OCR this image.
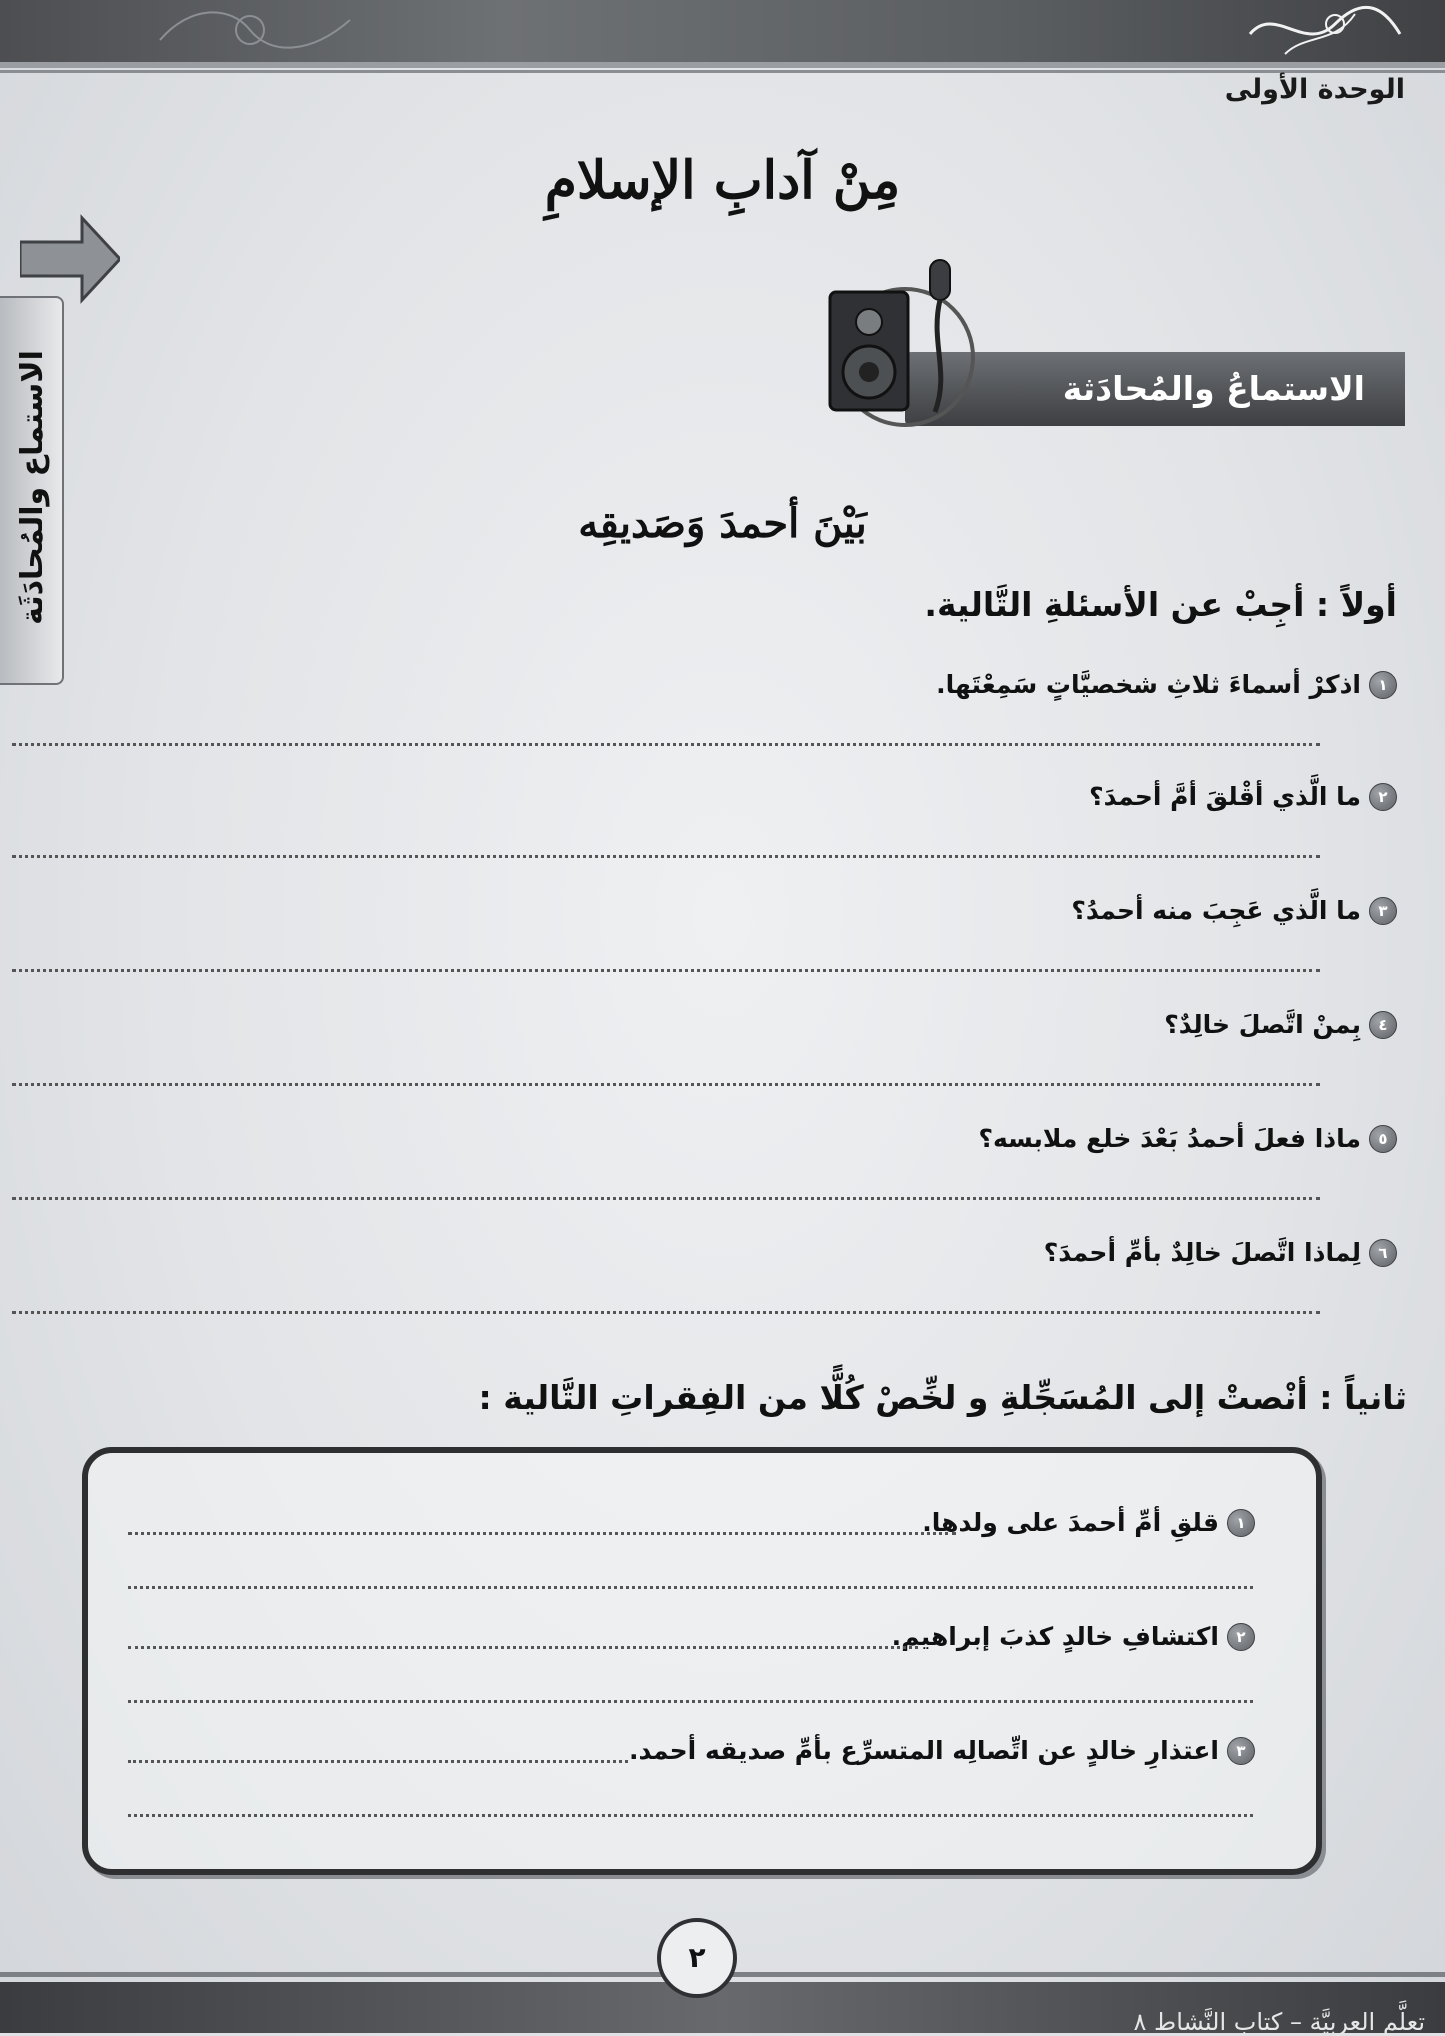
الوحدة الأولى
مِنْ آدابِ الإسلامِ
الاستماع والمُحادَثَة	الاستماعُ والمُحادَثة
بَيْنَ أحمدَ وَصَديقِه
أولاً : أجِبْ عن الأسئلةِ التَّالية.
١
اذكرْ أسماءَ ثلاثِ شخصيَّاتٍ سَمِعْتَها.
٢
ما الَّذي أقْلقَ أمَّ أحمدَ؟
٣
ما الَّذي عَجِبَ منه أحمدُ؟
٤
بِمنْ اتَّصلَ خالِدٌ؟
٥
ماذا فعلَ أحمدُ بَعْدَ خلع ملابسه؟
٦
لِماذا اتَّصلَ خالِدٌ بأمِّ أحمدَ؟
ثانياً : أنْصتْ إلى المُسَجِّلةِ و لخِّصْ كُلًّا من الفِقراتِ التَّالية :
١
قلقِ أمِّ أحمدَ على ولدها.
٢
اكتشافِ خالدٍ كذبَ إبراهيم.
٣
اعتذارِ خالدٍ عن اتِّصالِه المتسرِّع بأمِّ صديقه أحمد.
٢
تعلَّم العربيَّة – كتاب النَّشاط ٨
